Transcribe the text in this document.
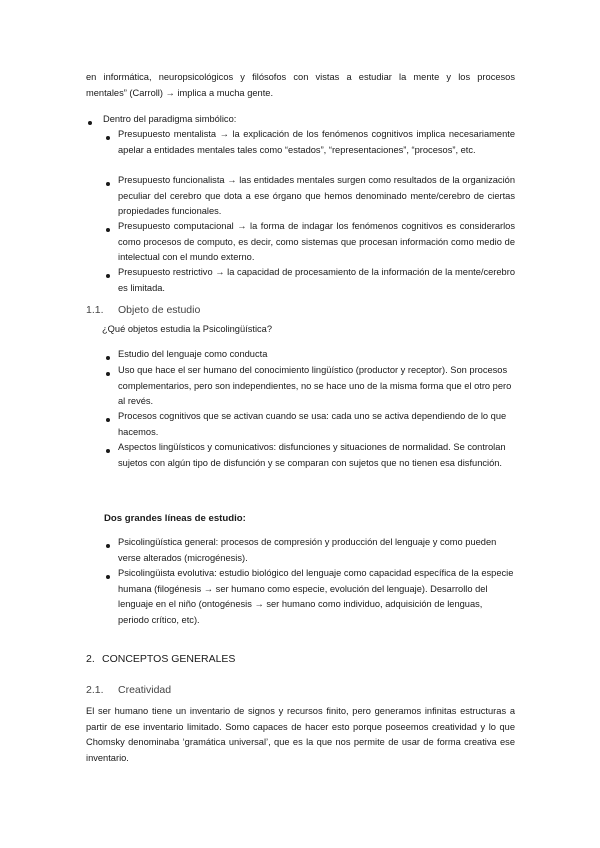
en informática, neuropsicológicos y filósofos con vistas a estudiar la mente y los procesos

mentales” (Carroll) → implica a mucha gente.

Dentro del paradigma simbólico:

Presupuesto mentalista → la explicación de los fenómenos cognitivos implica necesariamente apelar a entidades mentales tales como “estados”, “representaciones”, “procesos”, etc.

Presupuesto funcionalista → las entidades mentales surgen como resultados de la organización peculiar del cerebro que dota a ese órgano que hemos denominado mente/cerebro de ciertas propiedades funcionales.

Presupuesto computacional → la forma de indagar los fenómenos cognitivos es considerarlos como procesos de computo, es decir, como sistemas que procesan información como medio de intelectual con el mundo externo.

Presupuesto restrictivo → la capacidad de procesamiento de la información de la mente/cerebro es limitada.

1.1. Objeto de estudio

¿Qué objetos estudia la Psicolingüística?

Estudio del lenguaje como conducta

Uso que hace el ser humano del conocimiento lingüístico (productor y receptor). Son procesos complementarios, pero son independientes, no se hace uno de la misma forma que el otro pero al revés.

Procesos cognitivos que se activan cuando se usa: cada uno se activa dependiendo de lo que hacemos.

Aspectos lingüísticos y comunicativos: disfunciones y situaciones de normalidad. Se controlan sujetos con algún tipo de disfunción y se comparan con sujetos que no tienen esa disfunción.

Dos grandes líneas de estudio:

Psicolingüística general: procesos de compresión y producción del lenguaje y como pueden verse alterados (microgénesis).

Psicolingüista evolutiva: estudio biológico del lenguaje como capacidad específica de la especie humana (filogénesis → ser humano como especie, evolución del lenguaje). Desarrollo del lenguaje en el niño (ontogénesis → ser humano como individuo, adquisición de lenguas, periodo crítico, etc).

2. CONCEPTOS GENERALES
2.1. Creatividad

El ser humano tiene un inventario de signos y recursos finito, pero generamos infinitas estructuras a partir de ese inventario limitado. Somo capaces de hacer esto porque poseemos creatividad y lo que Chomsky denominaba ‘gramática universal’, que es la que nos permite de usar de forma creativa ese inventario.
